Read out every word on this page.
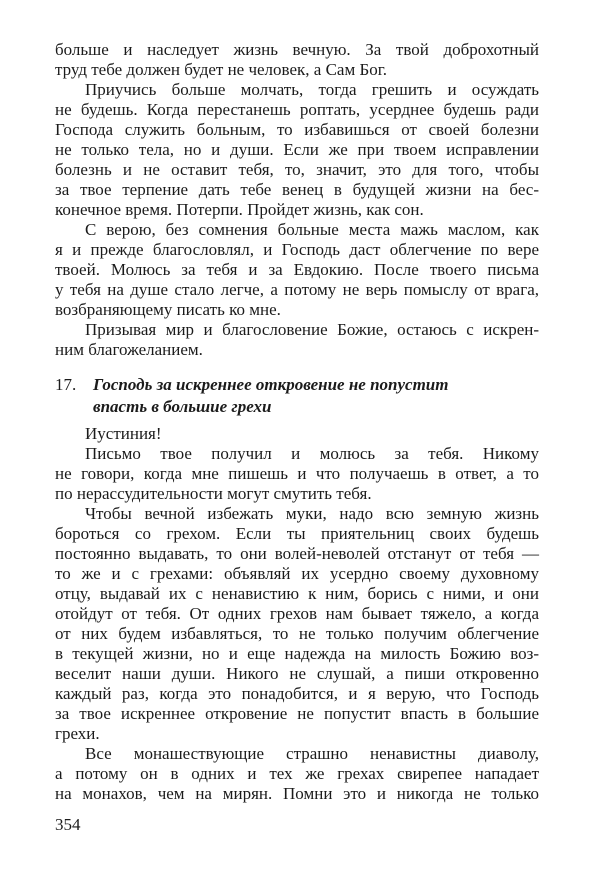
больше и наследует жизнь вечную. За твой доброхотный
труд тебе должен будет не человек, а Сам Бог.
Приучись больше молчать, тогда грешить и осуждать
не будешь. Когда перестанешь роптать, усерднее будешь ради
Господа служить больным, то избавишься от своей болезни
не только тела, но и души. Если же при твоем исправлении
болезнь и не оставит тебя, то, значит, это для того, чтобы
за твое терпение дать тебе венец в будущей жизни на бес-
конечное время. Потерпи. Пройдет жизнь, как сон.
С верою, без сомнения больные места мажь маслом, как
я и прежде благословлял, и Господь даст облегчение по вере
твоей. Молюсь за тебя и за Евдокию. После твоего письма
у тебя на душе стало легче, а потому не верь помыслу от врага,
возбраняющему писать ко мне.
Призывая мир и благословение Божие, остаюсь с искрен-
ним благожеланием.
17. Господь за искреннее откровение не попустит
впасть в большие грехи
Иустиния!
Письмо твое получил и молюсь за тебя. Никому
не говори, когда мне пишешь и что получаешь в ответ, а то
по нерассудительности могут смутить тебя.
Чтобы вечной избежать муки, надо всю земную жизнь
бороться со грехом. Если ты приятельниц своих будешь
постоянно выдавать, то они волей-неволей отстанут от тебя —
то же и с грехами: объявляй их усердно своему духовному
отцу, выдавай их с ненавистию к ним, борись с ними, и они
отойдут от тебя. От одних грехов нам бывает тяжело, а когда
от них будем избавляться, то не только получим облегчение
в текущей жизни, но и еще надежда на милость Божию воз-
веселит наши души. Никого не слушай, а пиши откровенно
каждый раз, когда это понадобится, и я верую, что Господь
за твое искреннее откровение не попустит впасть в большие
грехи.
Все монашествующие страшно ненавистны диаволу,
а потому он в одних и тех же грехах свирепее нападает
на монахов, чем на мирян. Помни это и никогда не только
354
